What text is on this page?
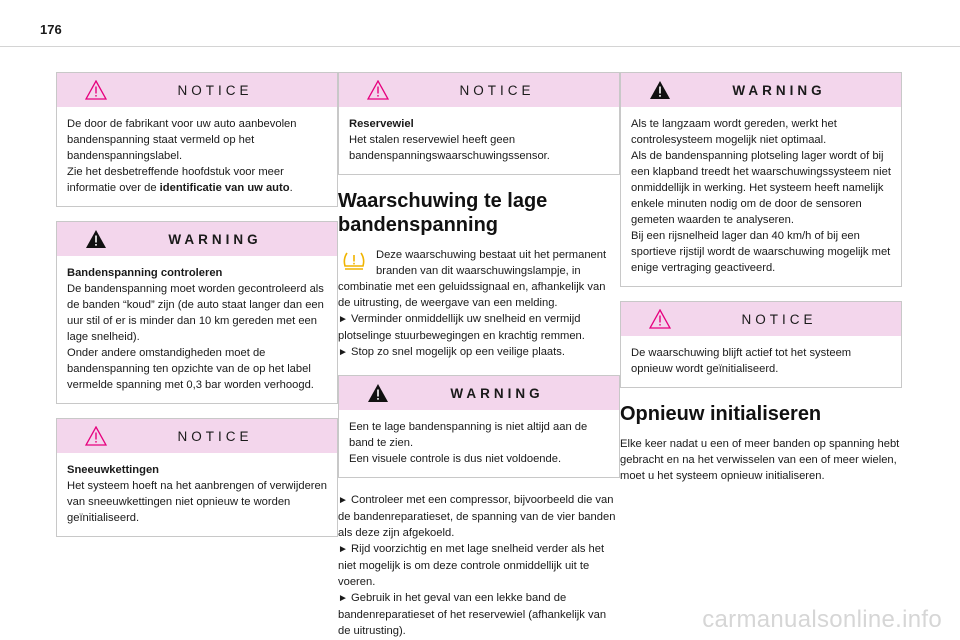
176
NOTICE

De door de fabrikant voor uw auto aanbevolen bandenspanning staat vermeld op het bandenspanningslabel.

Zie het desbetreffende hoofdstuk voor meer informatie over de identificatie van uw auto.

WARNING
Bandenspanning controleren

De bandenspanning moet worden gecontroleerd als de banden “koud” zijn (de auto staat langer dan een uur stil of er is minder dan 10 km gereden met een lage snelheid).

Onder andere omstandigheden moet de bandenspanning ten opzichte van de op het label vermelde spanning met 0,3 bar worden verhoogd.

NOTICE
Sneeuwkettingen

Het systeem hoeft na het aanbrengen of verwijderen van sneeuwkettingen niet opnieuw te worden geïnitialiseerd.

NOTICE
Reservewiel

Het stalen reservewiel heeft geen bandenspanningswaarschuwingssensor.

Waarschuwing te lage bandenspanning

Deze waarschuwing bestaat uit het permanent branden van dit waarschuwingslampje, in combinatie met een geluidssignaal en, afhankelijk van de uitrusting, de weergave van een melding.

► Verminder onmiddellijk uw snelheid en vermijd plotselinge stuurbewegingen en krachtig remmen.

► Stop zo snel mogelijk op een veilige plaats.

WARNING

Een te lage bandenspanning is niet altijd aan de band te zien.

Een visuele controle is dus niet voldoende.

► Controleer met een compressor, bijvoorbeeld die van de bandenreparatieset, de spanning van de vier banden als deze zijn afgekoeld.

► Rijd voorzichtig en met lage snelheid verder als het niet mogelijk is om deze controle onmiddellijk uit te voeren.

► Gebruik in het geval van een lekke band de bandenreparatieset of het reservewiel (afhankelijk van de uitrusting).

WARNING

Als te langzaam wordt gereden, werkt het controlesysteem mogelijk niet optimaal.

Als de bandenspanning plotseling lager wordt of bij een klapband treedt het waarschuwingssysteem niet onmiddellijk in werking. Het systeem heeft namelijk enkele minuten nodig om de door de sensoren gemeten waarden te analyseren.

Bij een rijsnelheid lager dan 40 km/h of bij een sportieve rijstijl wordt de waarschuwing mogelijk met enige vertraging geactiveerd.

NOTICE

De waarschuwing blijft actief tot het systeem opnieuw wordt geïnitialiseerd.

Opnieuw initialiseren

Elke keer nadat u een of meer banden op spanning hebt gebracht en na het verwisselen van een of meer wielen, moet u het systeem opnieuw initialiseren.

carmanualsonline.info
